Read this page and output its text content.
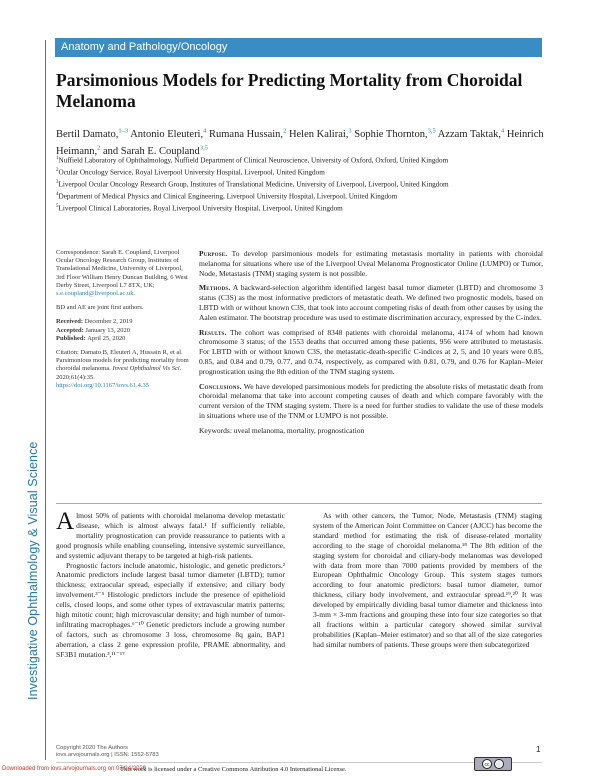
Investigative Ophthalmology & Visual Science
Anatomy and Pathology/Oncology
Parsimonious Models for Predicting Mortality from Choroidal Melanoma
Bertil Damato,$^{1-3}$ Antonio Eleuteri,$^4$ Rumana Hussain,$^2$ Helen Kalirai,$^3$ Sophie Thornton,$^{3,5}$ Azzam Taktak,$^4$ Heinrich Heimann,$^2$ and Sarah E. Coupland$^{3,5}$
$^1$Nuffield Laboratory of Ophthalmology, Nuffield Department of Clinical Neuroscience, University of Oxford, Oxford, United Kingdom
$^2$Ocular Oncology Service, Royal Liverpool University Hospital, Liverpool, United Kingdom
$^3$Liverpool Ocular Oncology Research Group, Institutes of Translational Medicine, University of Liverpool, Liverpool, United Kingdom
$^4$Department of Medical Physics and Clinical Engineering, Liverpool University Hospital, Liverpool, United Kingdom
$^5$Liverpool Clinical Laboratories, Royal Liverpool University Hospital, Liverpool, United Kingdom

Correspondence: Sarah E. Coupland, Liverpool Ocular Oncology Research Group, Institutes of Translational Medicine, University of Liverpool, 3rd Floor William Henry Duncan Building, 6 West Derby Street, Liverpool L7 8TX, UK; s.e.coupland@liverpool.ac.uk.

BD and AE are joint first authors.

Received: December 2, 2019
Accepted: January 13, 2020
Published: April 25, 2020

Citation: Damato B, Eleuteri A, Hussain R, et al. Parsimonious models for predicting mortality from choroidal melanoma. Invest Ophthalmol Vis Sci. 2020;61(4):35.
https://doi.org/10.1167/iovs.61.4.35

Purpose. To develop parsimonious models for estimating metastasis mortality in patients with choroidal melanoma for situations where use of the Liverpool Uveal Melanoma Prognosticator Online (LUMPO) or Tumor, Node, Metastasis (TNM) staging system is not possible.

Methods. A backward-selection algorithm identified largest basal tumor diameter (LBTD) and chromosome 3 status (C3S) as the most informative predictors of metastatic death. We defined two prognostic models, based on LBTD with or without known C3S, that took into account competing risks of death from other causes by using the Aalen estimator. The bootstrap procedure was used to estimate discrimination accuracy, expressed by the C-index.

Results. The cohort was comprised of 8348 patients with choroidal melanoma, 4174 of whom had known chromosome 3 status; of the 1553 deaths that occurred among these patients, 956 were attributed to metastasis. For LBTD with or without known C3S, the metastatic-death-specific C-indices at 2, 5, and 10 years were 0.85, 0.85, and 0.84 and 0.79, 0.77, and 0.74, respectively, as compared with 0.81, 0.79, and 0.76 for Kaplan–Meier prognostication using the 8th edition of the TNM staging system.

Conclusions. We have developed parsimonious models for predicting the absolute risks of metastatic death from choroidal melanoma that take into account competing causes of death and which compare favorably with the current version of the TNM staging system. There is a need for further studies to validate the use of these models in situations where use of the TNM or LUMPO is not possible.

Keywords: uveal melanoma, mortality, prognostication

Almost 50% of patients with choroidal melanoma develop metastatic disease, which is almost always fatal.¹ If sufficiently reliable, mortality prognostication can provide reassurance to patients with a good prognosis while enabling counseling, intensive systemic surveillance, and systemic adjuvant therapy to be targeted at high-risk patients.

Prognostic factors include anatomic, histologic, and genetic predictors.² Anatomic predictors include largest basal tumor diameter (LBTD); tumor thickness; extraocular spread, especially if extensive; and ciliary body involvement.³⁻⁵ Histologic predictors include the presence of epithelioid cells, closed loops, and some other types of extravascular matrix patterns; high mitotic count; high microvascular density; and high number of tumor-infiltrating macrophages.⁶⁻¹⁰ Genetic predictors include a growing number of factors, such as chromosome 3 loss, chromosome 8q gain, BAP1 aberration, a class 2 gene expression profile, PRAME abnormality, and SF3B1 mutation.³,¹¹⁻¹⁷

As with other cancers, the Tumor, Node, Metastasis (TNM) staging system of the American Joint Committee on Cancer (AJCC) has become the standard method for estimating the risk of disease-related mortality according to the stage of choroidal melanoma.¹⁸ The 8th edition of the staging system for choroidal and ciliary-body melanomas was developed with data from more than 7000 patients provided by members of the European Ophthalmic Oncology Group. This system stages tumors according to four anatomic predictors: basal tumor diameter, tumor thickness, ciliary body involvement, and extraocular spread.¹⁹,²⁰ It was developed by empirically dividing basal tumor diameter and thickness into 3-mm × 3-mm fractions and grouping these into four size categories so that all fractions within a particular category showed similar survival probabilities (Kaplan–Meier estimator) and so that all of the size categories had similar numbers of patients. These groups were then subcategorized

Copyright 2020 The Authors
iovs.arvojournals.org | ISSN: 1552-5783
1
This work is licensed under a Creative Commons Attribution 4.0 International License.
cc	ⓘ
Downloaded from iovs.arvojournals.org on 07/24/2020
